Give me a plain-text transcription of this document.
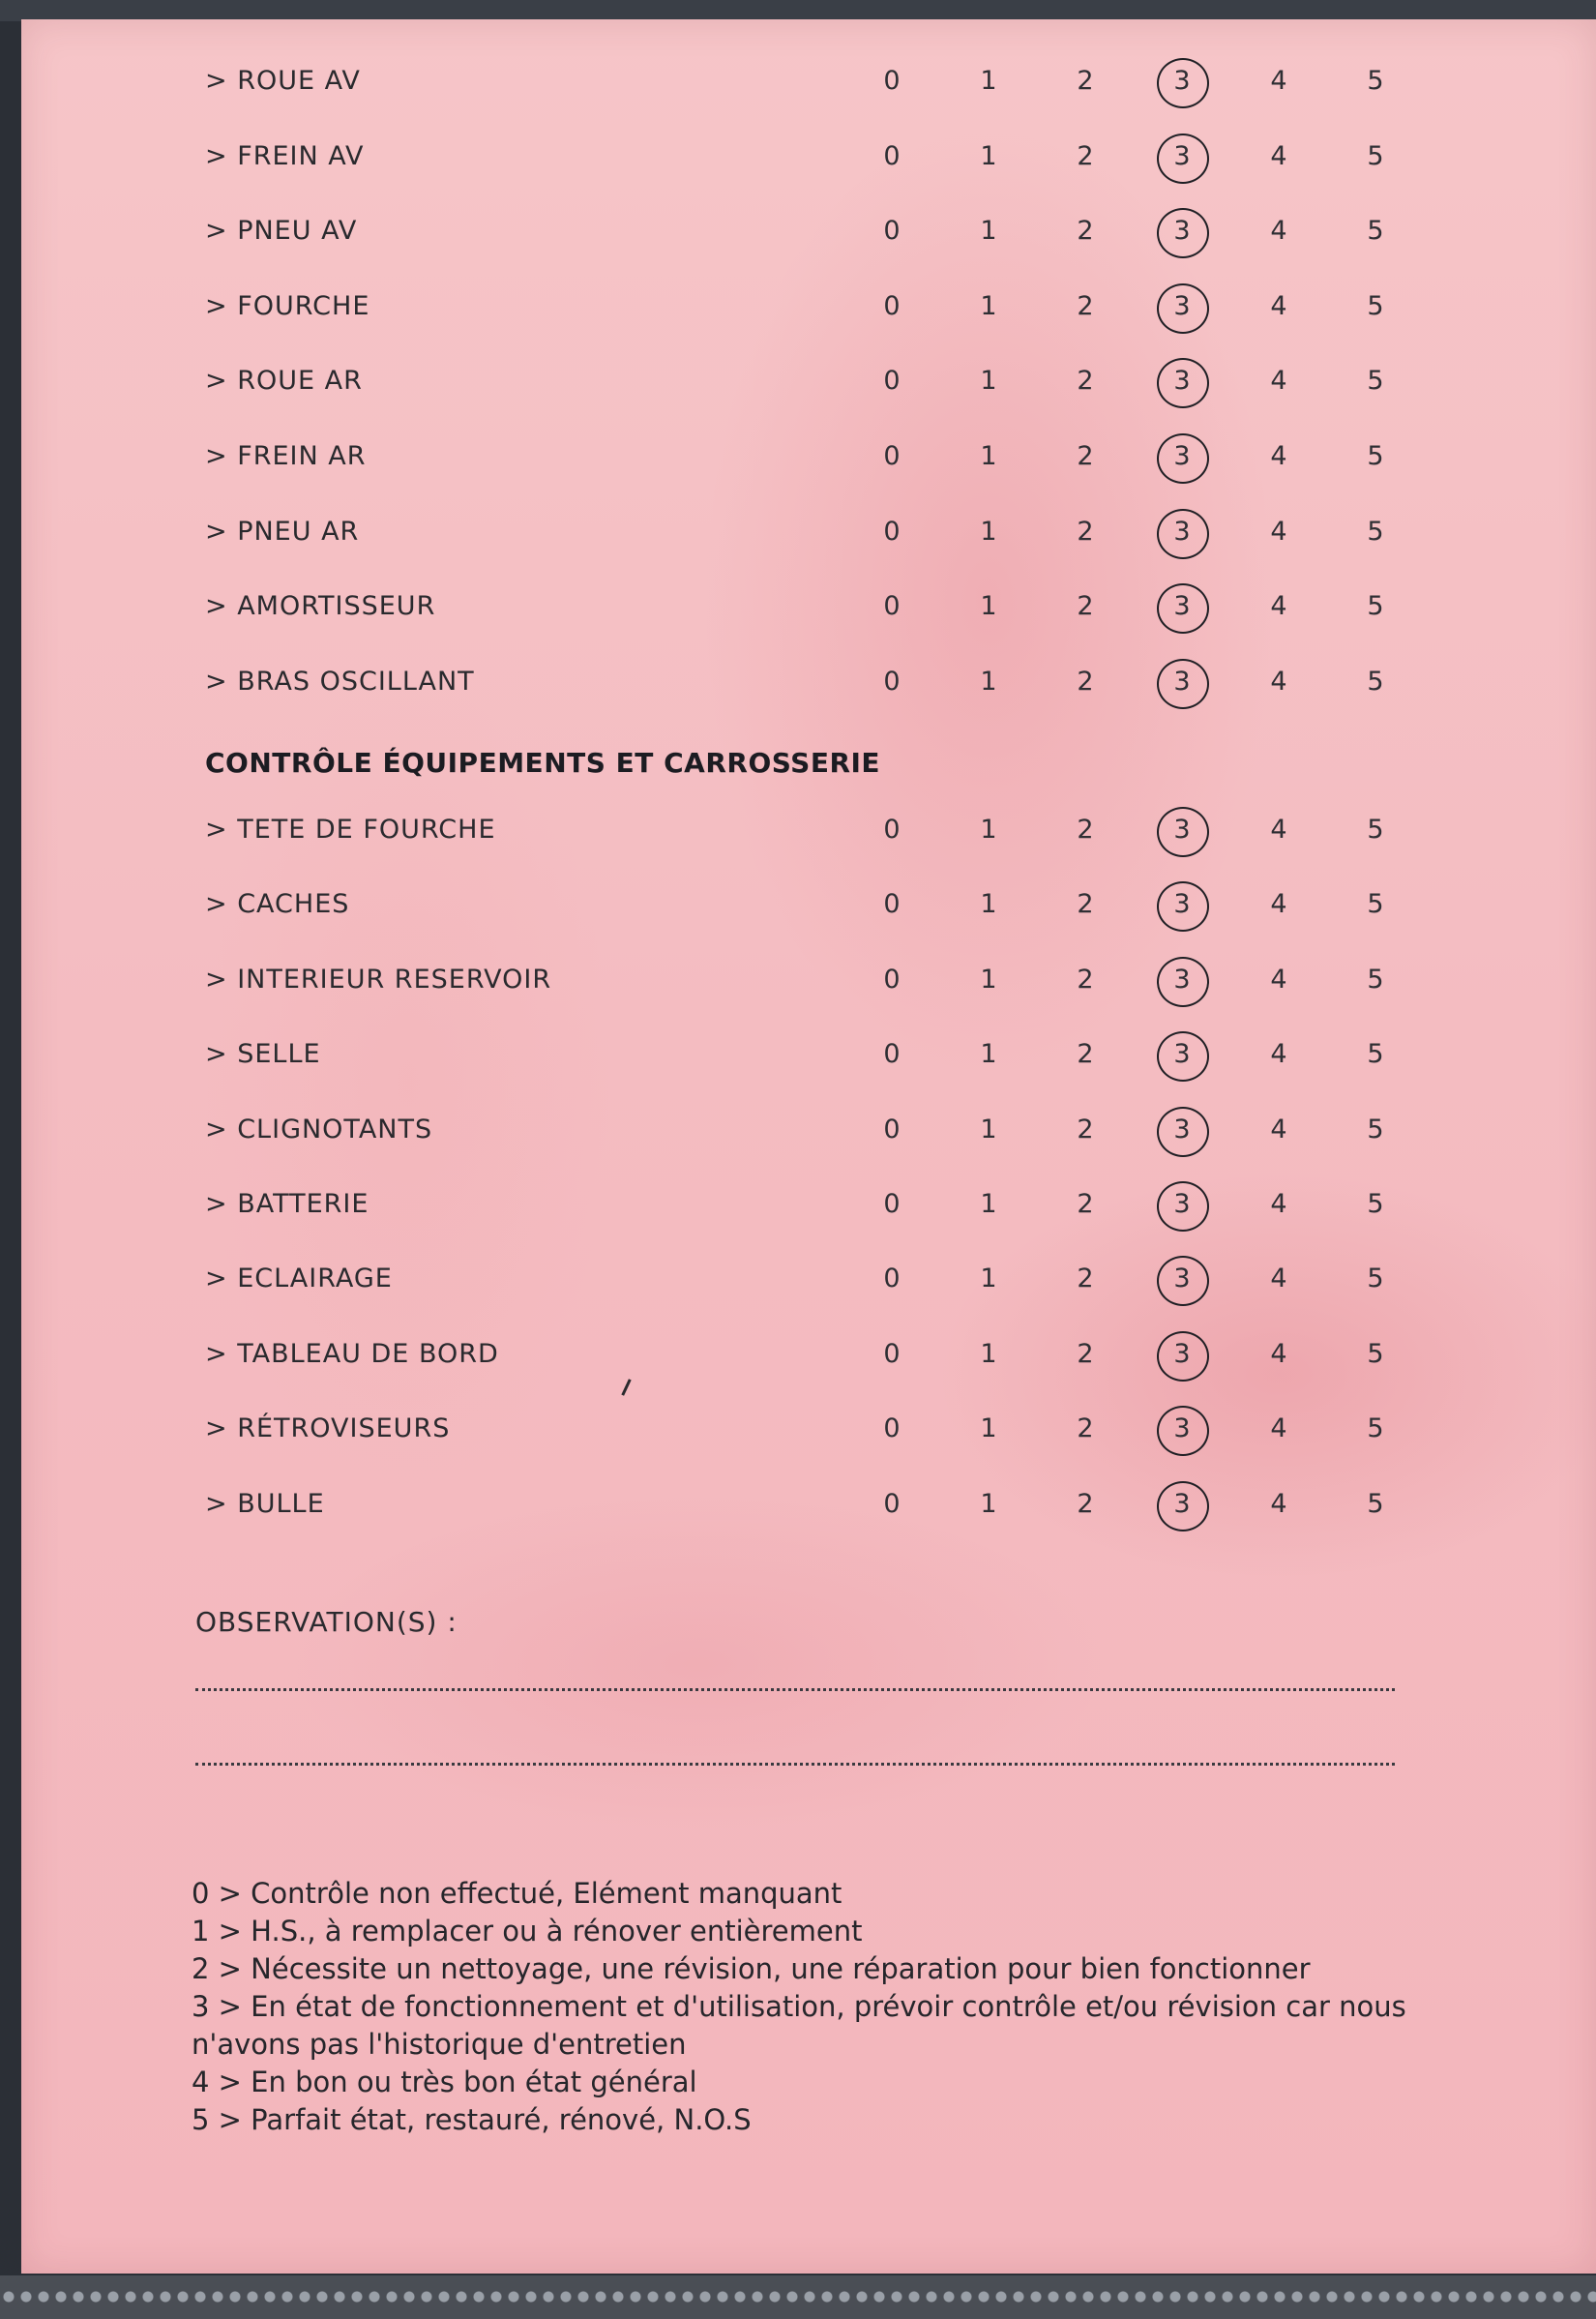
> ROUE AV	0	1	2	3	4	5
> FREIN AV	0	1	2	3	4	5
> PNEU AV	0	1	2	3	4	5
> FOURCHE	0	1	2	3	4	5
> ROUE AR	0	1	2	3	4	5
> FREIN AR	0	1	2	3	4	5
> PNEU AR	0	1	2	3	4	5
> AMORTISSEUR	0	1	2	3	4	5
> BRAS OSCILLANT	0	1	2	3	4	5
CONTRÔLE ÉQUIPEMENTS ET CARROSSERIE
> TETE DE FOURCHE	0	1	2	3	4	5
> CACHES	0	1	2	3	4	5
> INTERIEUR RESERVOIR	0	1	2	3	4	5
> SELLE	0	1	2	3	4	5
> CLIGNOTANTS	0	1	2	3	4	5
> BATTERIE	0	1	2	3	4	5
> ECLAIRAGE	0	1	2	3	4	5
> TABLEAU DE BORD	0	1	2	3	4	5
> RÉTROVISEURS	0	1	2	3	4	5
> BULLE	0	1	2	3	4	5
OBSERVATION(S) :
0 > Contrôle non effectué, Elément manquant
1 > H.S., à remplacer ou à rénover entièrement
2 > Nécessite un nettoyage, une révision, une réparation pour bien fonctionner
3 > En état de fonctionnement et d'utilisation, prévoir contrôle et/ou révision car nous
n'avons pas l'historique d'entretien
4 > En bon ou très bon état général
5 > Parfait état, restauré, rénové, N.O.S
